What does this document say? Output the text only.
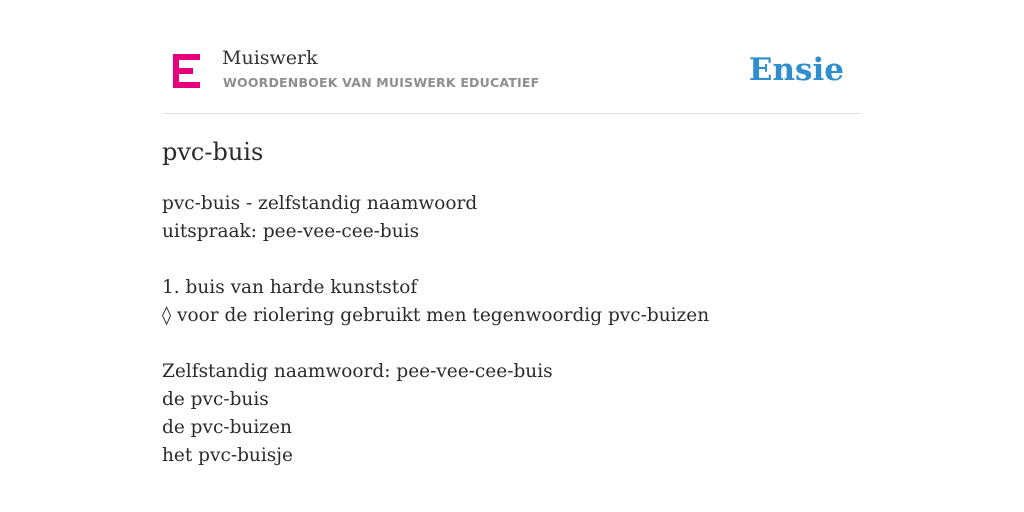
Muiswerk
WOORDENBOEK VAN MUISWERK EDUCATIEF	Ensie
pvc-buis
pvc-buis - zelfstandig naamwoord
uitspraak: pee-vee-cee-buis
1. buis van harde kunststof
◊ voor de riolering gebruikt men tegenwoordig pvc-buizen
Zelfstandig naamwoord: pee-vee-cee-buis
de pvc-buis
de pvc-buizen
het pvc-buisje
